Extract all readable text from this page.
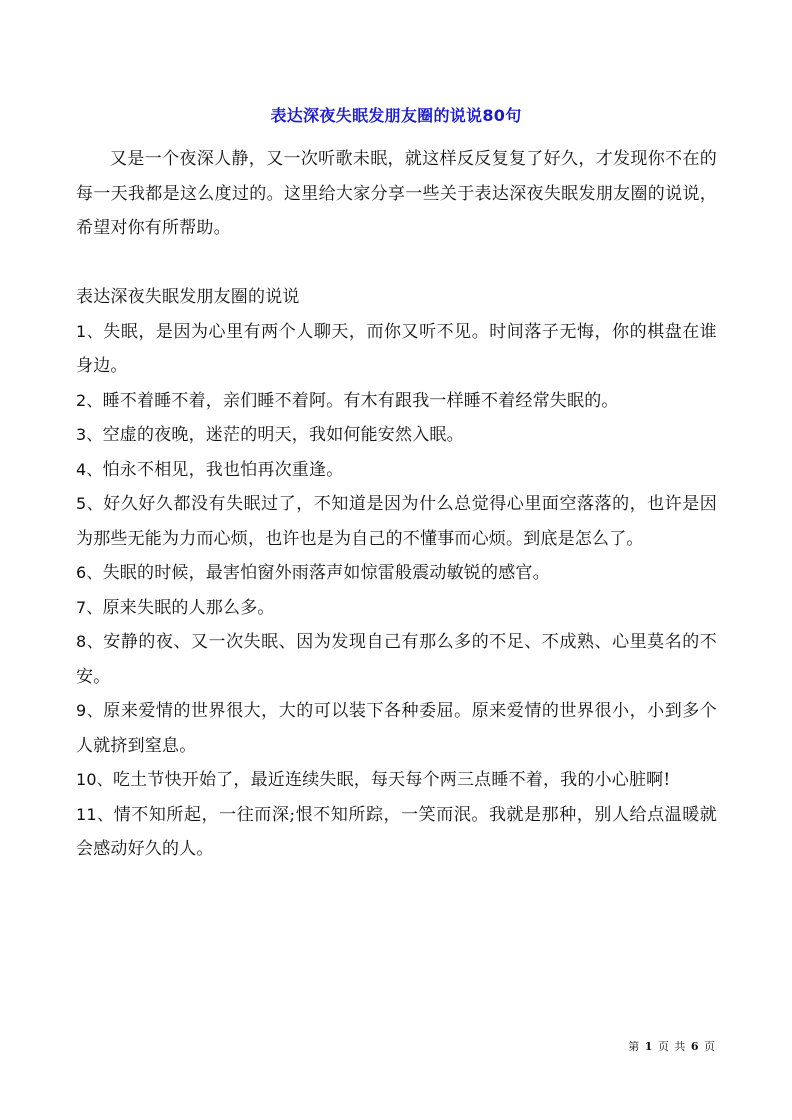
表达深夜失眠发朋友圈的说说80句

又是一个夜深人静，又一次听歌未眠，就这样反反复复了好久，才发现你不在的每一天我都是这么度过的。这里给大家分享一些关于表达深夜失眠发朋友圈的说说，希望对你有所帮助。

表达深夜失眠发朋友圈的说说

1、失眠，是因为心里有两个人聊天，而你又听不见。时间落子无悔，你的棋盘在谁身边。

2、睡不着睡不着，亲们睡不着阿。有木有跟我一样睡不着经常失眠的。

3、空虚的夜晚，迷茫的明天，我如何能安然入眠。

4、怕永不相见，我也怕再次重逢。

5、好久好久都没有失眠过了，不知道是因为什么总觉得心里面空落落的，也许是因为那些无能为力而心烦，也许也是为自己的不懂事而心烦。到底是怎么了。

6、失眠的时候，最害怕窗外雨落声如惊雷般震动敏锐的感官。

7、原来失眠的人那么多。

8、安静的夜、又一次失眠、因为发现自己有那么多的不足、不成熟、心里莫名的不安。

9、原来爱情的世界很大，大的可以装下各种委屈。原来爱情的世界很小，小到多个人就挤到窒息。

10、吃土节快开始了，最近连续失眠，每天每个两三点睡不着，我的小心脏啊!

11、情不知所起，一往而深;恨不知所踪，一笑而泯。我就是那种，别人给点温暖就会感动好久的人。

第 1 页 共 6 页
